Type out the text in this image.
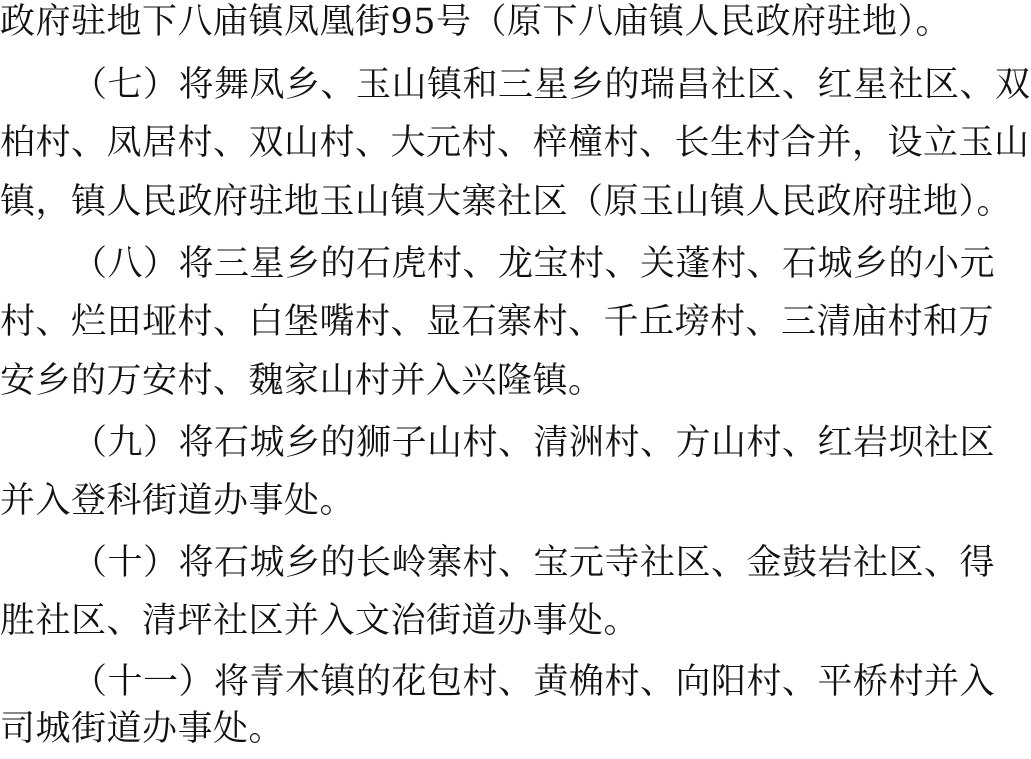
政府驻地下八庙镇凤凰街95号（原下八庙镇人民政府驻地）。
（七）将舞凤乡、玉山镇和三星乡的瑞昌社区、红星社区、双
柏村、凤居村、双山村、大元村、梓橦村、长生村合并，设立玉山
镇，镇人民政府驻地玉山镇大寨社区（原玉山镇人民政府驻地）。
（八）将三星乡的石虎村、龙宝村、关蓬村、石城乡的小元
村、烂田垭村、白堡嘴村、显石寨村、千丘塝村、三清庙村和万
安乡的万安村、魏家山村并入兴隆镇。
（九）将石城乡的狮子山村、清洲村、方山村、红岩坝社区
并入登科街道办事处。
（十）将石城乡的长岭寨村、宝元寺社区、金鼓岩社区、得
胜社区、清坪社区并入文治街道办事处。
（十一）将青木镇的花包村、黄桷村、向阳村、平桥村并入
司城街道办事处。
